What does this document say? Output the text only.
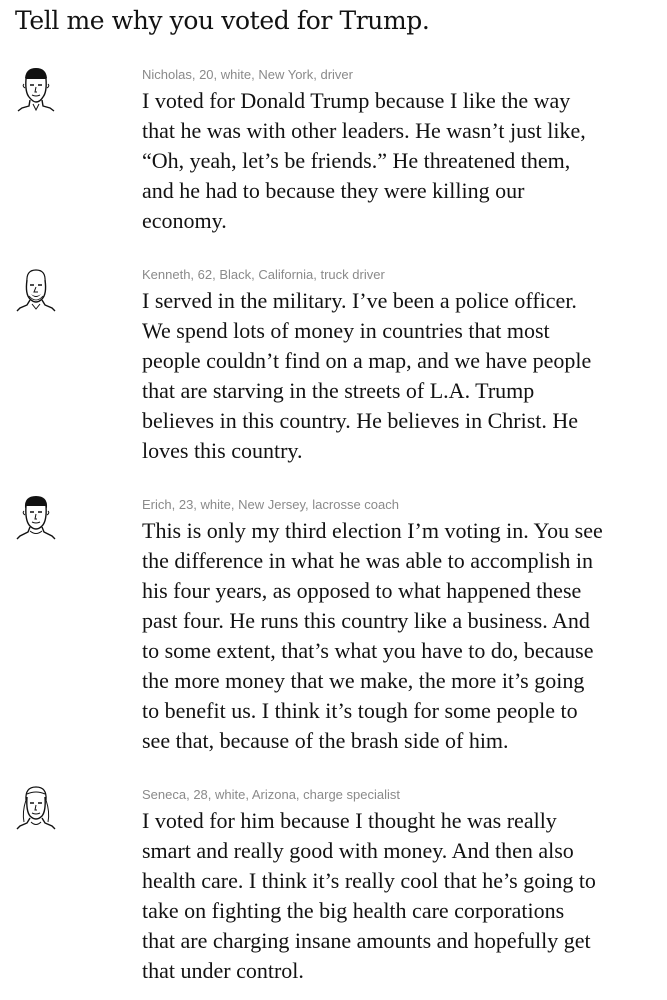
Tell me why you voted for Trump.
Nicholas, 20, white, New York, driver
I voted for Donald Trump because I like the way
that he was with other leaders. He wasn’t just like,
“Oh, yeah, let’s be friends.” He threatened them,
and he had to because they were killing our
economy.
Kenneth, 62, Black, California, truck driver
I served in the military. I’ve been a police officer.
We spend lots of money in countries that most
people couldn’t find on a map, and we have people
that are starving in the streets of L.A. Trump
believes in this country. He believes in Christ. He
loves this country.
Erich, 23, white, New Jersey, lacrosse coach
This is only my third election I’m voting in. You see
the difference in what he was able to accomplish in
his four years, as opposed to what happened these
past four. He runs this country like a business. And
to some extent, that’s what you have to do, because
the more money that we make, the more it’s going
to benefit us. I think it’s tough for some people to
see that, because of the brash side of him.
Seneca, 28, white, Arizona, charge specialist
I voted for him because I thought he was really
smart and really good with money. And then also
health care. I think it’s really cool that he’s going to
take on fighting the big health care corporations
that are charging insane amounts and hopefully get
that under control.
